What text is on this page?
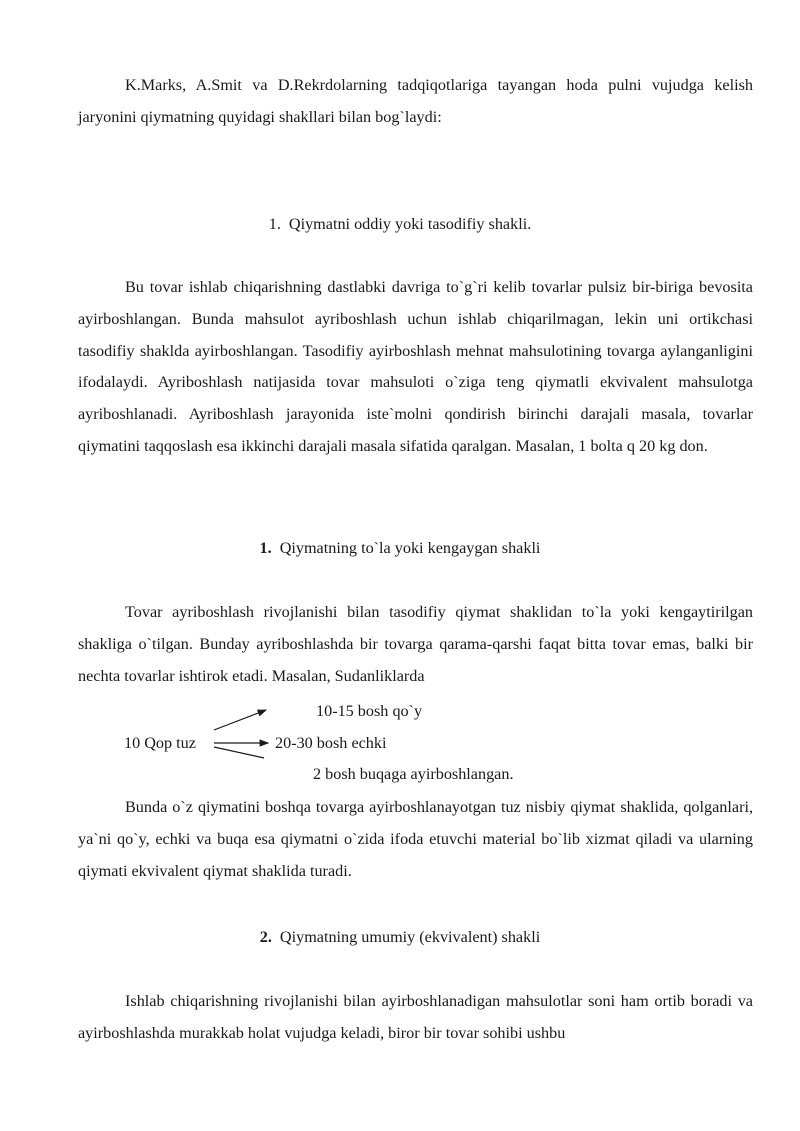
K.Marks, A.Smit va D.Rekrdolarning tadqiqotlariga tayangan hoda pulni vujudga kelish jaryonini qiymatning quyidagi shakllari bilan bog`laydi:

1. Qiymatni oddiy yoki tasodifiy shakli.

Bu tovar ishlab chiqarishning dastlabki davriga to`g`ri kelib tovarlar pulsiz bir-biriga bevosita ayirboshlangan. Bunda mahsulot ayriboshlash uchun ishlab chiqarilmagan, lekin uni ortikchasi tasodifiy shaklda ayirboshlangan. Tasodifiy ayirboshlash mehnat mahsulotining tovarga aylanganligini ifodalaydi. Ayriboshlash natijasida tovar mahsuloti o`ziga teng qiymatli ekvivalent mahsulotga ayriboshlanadi. Ayriboshlash jarayonida iste`molni qondirish birinchi darajali masala, tovarlar qiymatini taqqoslash esa ikkinchi darajali masala sifatida qaralgan. Masalan, 1 bolta q 20 kg don.

1. Qiymatning to`la yoki kengaygan shakli

Tovar ayriboshlash rivojlanishi bilan tasodifiy qiymat shaklidan to`la yoki kengaytirilgan shakliga o`tilgan. Bunday ayriboshlashda bir tovarga qarama-qarshi faqat bitta tovar emas, balki bir nechta tovarlar ishtirok etadi. Masalan, Sudanliklarda

10-15 bosh qo`y
10 Qop tuz	20-30 bosh echki
2 bosh buqaga ayirboshlangan.

Bunda o`z qiymatini boshqa tovarga ayirboshlanayotgan tuz nisbiy qiymat shaklida, qolganlari, ya`ni qo`y, echki va buqa esa qiymatni o`zida ifoda etuvchi material bo`lib xizmat qiladi va ularning qiymati ekvivalent qiymat shaklida turadi.

2. Qiymatning umumiy (ekvivalent) shakli

Ishlab chiqarishning rivojlanishi bilan ayirboshlanadigan mahsulotlar soni ham ortib boradi va ayirboshlashda murakkab holat vujudga keladi, biror bir tovar sohibi ushbu
